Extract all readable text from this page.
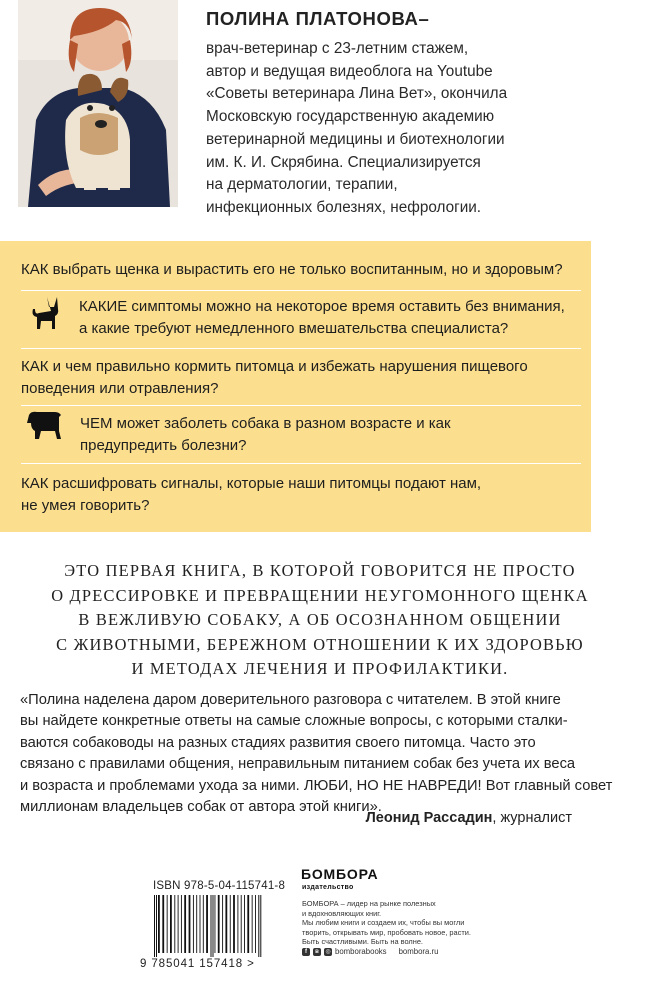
ПОЛИНА ПЛАТОНОВА–
врач-ветеринар с 23-летним стажем,
автор и ведущая видеоблога на Youtube
«Советы ветеринара Лина Вет», окончила
Московскую государственную академию
ветеринарной медицины и биотехнологии
им. К. И. Скрябина. Специализируется
на дерматологии, терапии,
инфекционных болезнях, нефрологии.
КАК выбрать щенка и вырастить его не только воспитанным, но и здоровым?
КАКИЕ симптомы можно на некоторое время оставить без внимания,
а какие требуют немедленного вмешательства специалиста?
КАК и чем правильно кормить питомца и избежать нарушения пищевого
поведения или отравления?
ЧЕМ может заболеть собака в разном возрасте и как
предупредить болезни?
КАК расшифровать сигналы, которые наши питомцы подают нам,
не умея говорить?
ЭТО ПЕРВАЯ КНИГА, В КОТОРОЙ ГОВОРИТСЯ НЕ ПРОСТО
О ДРЕССИРОВКЕ И ПРЕВРАЩЕНИИ НЕУГОМОННОГО ЩЕНКА
В ВЕЖЛИВУЮ СОБАКУ, А ОБ ОСОЗНАННОМ ОБЩЕНИИ
С ЖИВОТНЫМИ, БЕРЕЖНОМ ОТНОШЕНИИ К ИХ ЗДОРОВЬЮ
И МЕТОДАХ ЛЕЧЕНИЯ И ПРОФИЛАКТИКИ.
«Полина наделена даром доверительного разговора с читателем. В этой книге
вы найдете конкретные ответы на самые сложные вопросы, с которыми сталки-
ваются собаководы на разных стадиях развития своего питомца. Часто это
связано с правилами общения, неправильным питанием собак без учета их веса
и возраста и проблемами ухода за ними. ЛЮБИ, НО НЕ НАВРЕДИ! Вот главный совет
миллионам владельцев собак от автора этой книги».
Леонид Рассадин, журналист
ISBN 978-5-04-115741-8
9 785041 157418 >
БОМБОРА
издательство
БОМБОРА – лидер на рынке полезных
и вдохновляющих книг.
Мы любим книги и создаем их, чтобы вы могли
творить, открывать мир, пробовать новое, расти.
Быть счастливыми. Быть на волне.
f	в	◎ bomborabooks bombora.ru
